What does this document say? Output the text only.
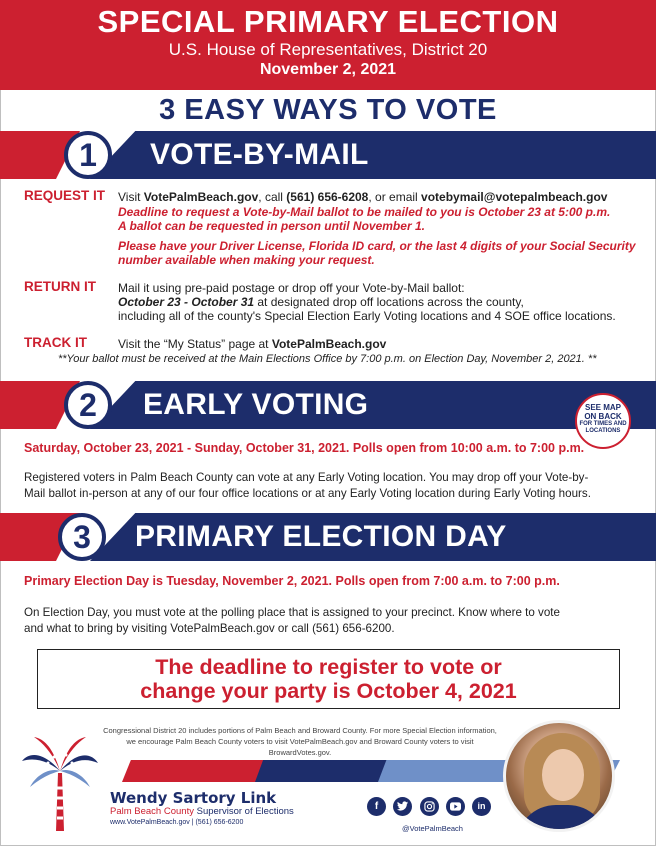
SPECIAL PRIMARY ELECTION
U.S. House of Representatives, District 20
November 2, 2021
3 EASY WAYS TO VOTE
1	VOTE-BY-MAIL
REQUEST IT Visit VotePalmBeach.gov, call (561) 656-6208, or email votebymail@votepalmbeach.gov
Deadline to request a Vote-by-Mail ballot to be mailed to you is October 23 at 5:00 p.m.
A ballot can be requested in person until November 1.
Please have your Driver License, Florida ID card, or the last 4 digits of your Social Security
number available when making your request.
RETURN IT Mail it using pre-paid postage or drop off your Vote-by-Mail ballot:
October 23 - October 31 at designated drop off locations across the county,
including all of the county's Special Election Early Voting locations and 4 SOE office locations.
TRACK IT	Visit the “My Status” page at VotePalmBeach.gov
**Your ballot must be received at the Main Elections Office by 7:00 p.m. on Election Day, November 2, 2021. **
2	EARLY VOTING	SEE MAP
ON BACK
FOR TIMES AND
LOCATIONS
Saturday, October 23, 2021 - Sunday, October 31, 2021. Polls open from 10:00 a.m. to 7:00 p.m.
Registered voters in Palm Beach County can vote at any Early Voting location. You may drop off your Vote-by-
Mail ballot in-person at any of our four office locations or at any Early Voting location during Early Voting hours.
3	PRIMARY ELECTION DAY
Primary Election Day is Tuesday, November 2, 2021. Polls open from 7:00 a.m. to 7:00 p.m.
On Election Day, you must vote at the polling place that is assigned to your precinct. Know where to vote
and what to bring by visiting VotePalmBeach.gov or call (561) 656-6200.
The deadline to register to vote or
change your party is October 4, 2021
Congressional District 20 includes portions of Palm Beach and Broward County. For more Special Election information,
we encourage Palm Beach County voters to visit VotePalmBeach.gov and Broward County voters to visit BrowardVotes.gov.
Wendy Sartory Link
Palm Beach County Supervisor of Elections
www.VotePalmBeach.gov | (561) 656-6200
f	in
@VotePalmBeach
